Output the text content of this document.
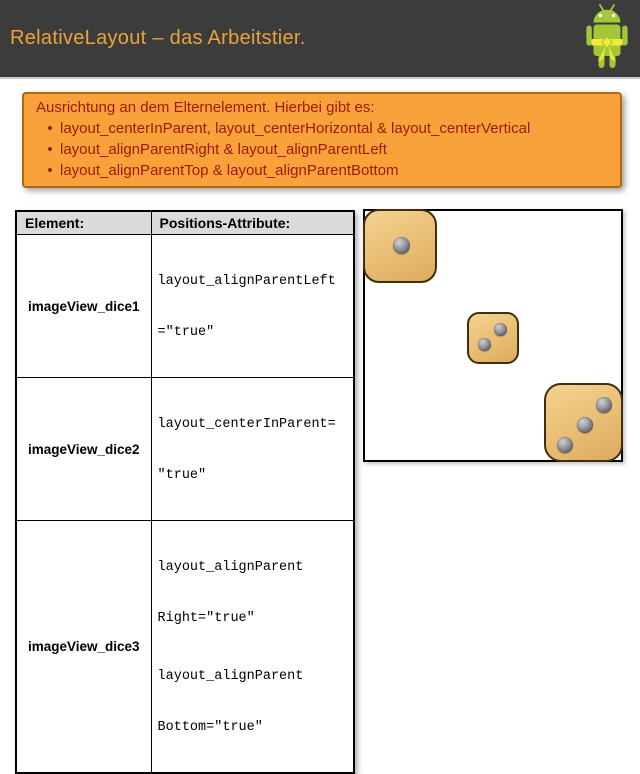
RelativeLayout – das Arbeitstier.
Ausrichtung an dem Elternelement. Hierbei gibt es:
• layout_centerInParent, layout_centerHorizontal & layout_centerVertical
• layout_alignParentRight & layout_alignParentLeft
• layout_alignParentTop & layout_alignParentBottom
Element:	Positions-Attribute:
imageView_dice1	layout_alignParentLeft

="true"

imageView_dice2	layout_centerInParent=

"true"

imageView_dice3	layout_alignParent

Right="true"

layout_alignParent

Bottom="true"
